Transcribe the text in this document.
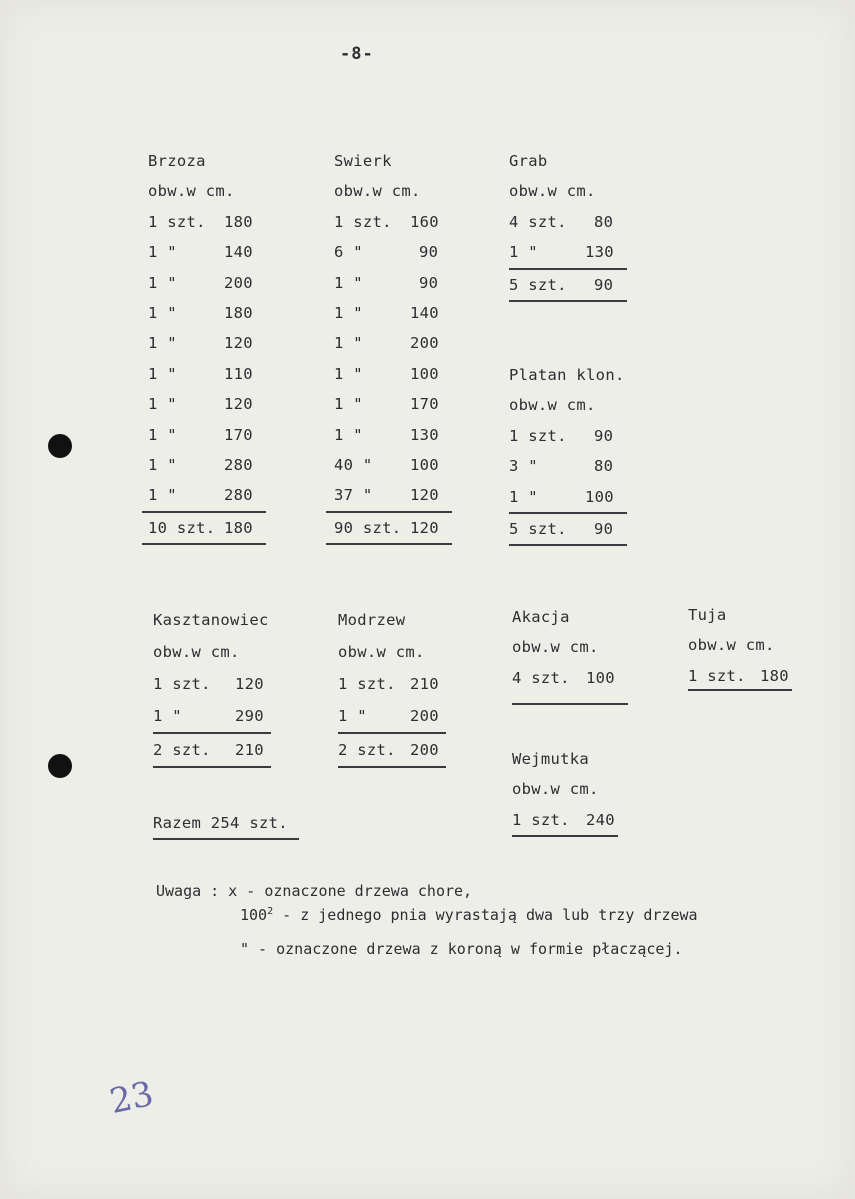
-8-
Brzoza
obw.w cm.
1 szt. 180
1 "	140
1 "	200
1 "	180
1 "	120
1 "	110
1 "	120
1 "	170
1 "	280
1 "	280
10 szt. 180
Swierk
obw.w cm.
1 szt. 160
6 "	90
1 "	90
1 "	140
1 "	200
1 "	100
1 "	170
1 "	130
40 " 100
37 " 120
90 szt. 120
Grab
obw.w cm.
4 szt. 80
1 "	130
5 szt. 90
Platan klon.
obw.w cm.
1 szt. 90
3 "	80
1 "	100
5 szt. 90
Kasztanowiec
obw.w cm.
1 szt. 120
1 "	290
2 szt. 210
Modrzew
obw.w cm.
1 szt. 210
1 "	200
2 szt. 200
Akacja
obw.w cm.
4 szt. 100
Tuja
obw.w cm.
1 szt. 180
Wejmutka
obw.w cm.
1 szt. 240
Razem 254 szt.
Uwaga : x - oznaczone drzewa chore,
$100^2$ - z jednego pnia wyrastają dwa lub trzy drzewa
" - oznaczone drzewa z koroną w formie płaczącej.
23
